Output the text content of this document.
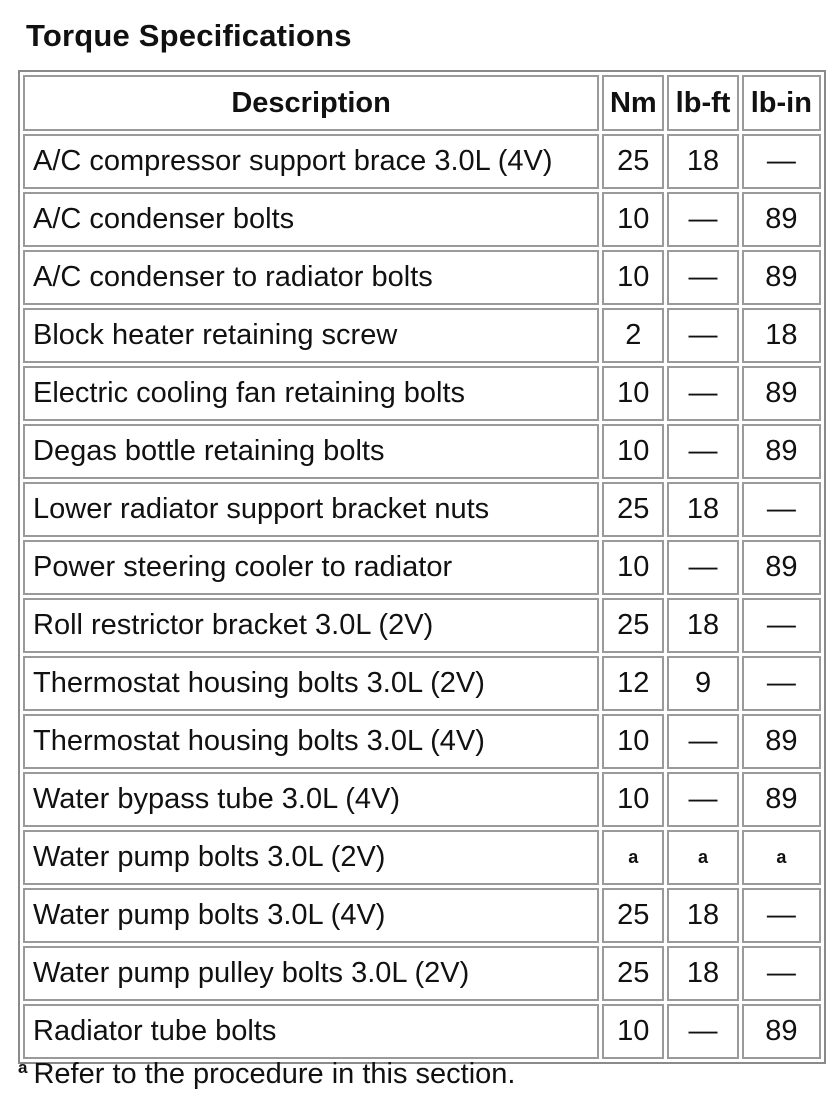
Torque Specifications
Description	Nm	lb-ft	lb-in
A/C compressor support brace 3.0L (4V)	25	18	—
A/C condenser bolts	10	—	89
A/C condenser to radiator bolts	10	—	89
Block heater retaining screw	2	—	18
Electric cooling fan retaining bolts	10	—	89
Degas bottle retaining bolts	10	—	89
Lower radiator support bracket nuts	25	18	—
Power steering cooler to radiator	10	—	89
Roll restrictor bracket 3.0L (2V)	25	18	—
Thermostat housing bolts 3.0L (2V)	12	9	—
Thermostat housing bolts 3.0L (4V)	10	—	89
Water bypass tube 3.0L (4V)	10	—	89
Water pump bolts 3.0L (2V)	a	a	a
Water pump bolts 3.0L (4V)	25	18	—
Water pump pulley bolts 3.0L (2V)	25	18	—
Radiator tube bolts	10	—	89
$^a$ Refer to the procedure in this section.
